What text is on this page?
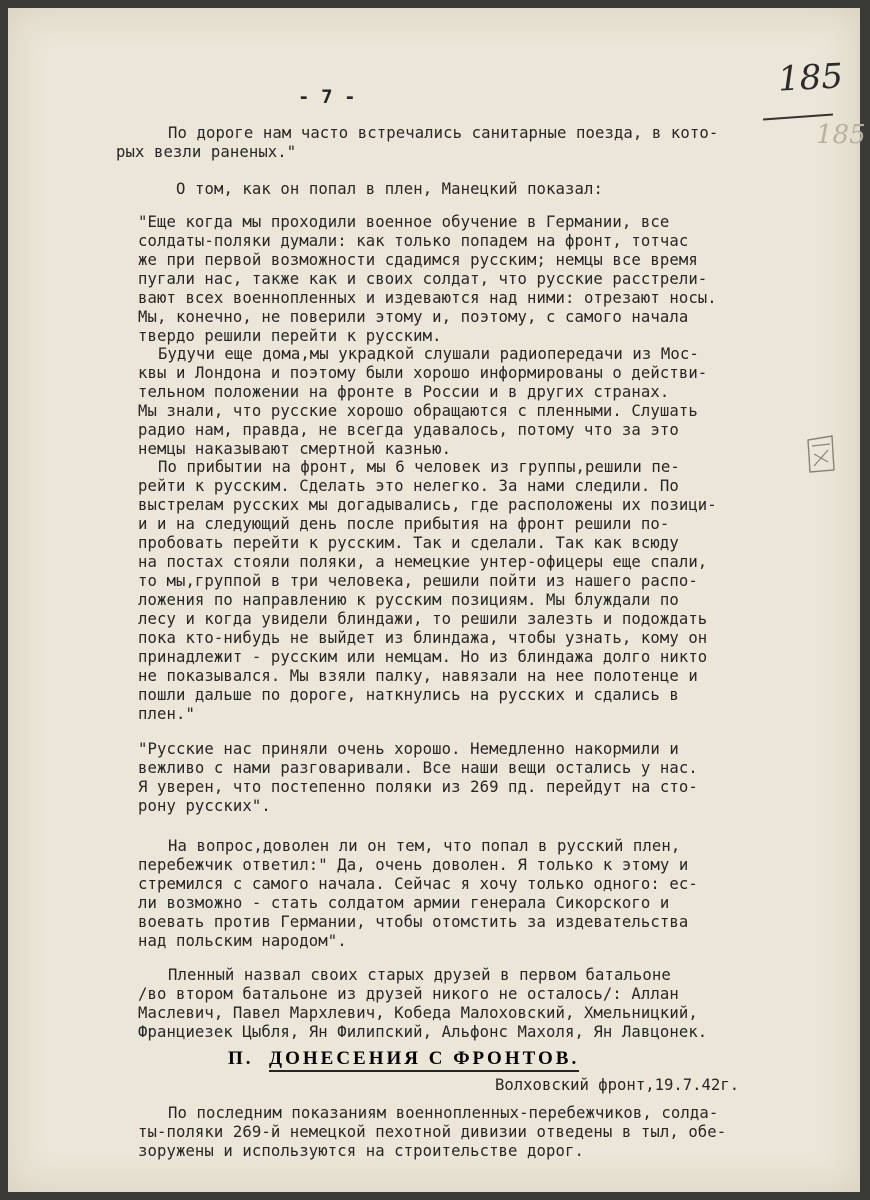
- 7 -
По дороге нам часто встречались санитарные поезда, в кото-
рых везли раненых."
О том, как он попал в плен, Манецкий показал:
"Еще когда мы проходили военное обучение в Германии, все
солдаты-поляки думали: как только попадем на фронт, тотчас
же при первой возможности сдадимся русским; немцы все время
пугали нас, также как и своих солдат, что русские расстрели-
вают всех военнопленных и издеваются над ними: отрезают носы.
Мы, конечно, не поверили этому и, поэтому, с самого начала
твердо решили перейти к русским.
Будучи еще дома,мы украдкой слушали радиопередачи из Мос-
квы и Лондона и поэтому были хорошо информированы о действи-
тельном положении на фронте в России и в других странах.
Мы знали, что русские хорошо обращаются с пленными. Слушать
радио нам, правда, не всегда удавалось, потому что за это
немцы наказывают смертной казнью.
По прибытии на фронт, мы 6 человек из группы,решили пе-
рейти к русским. Сделать это нелегко. За нами следили. По
выстрелам русских мы догадывались, где расположены их позици-
и и на следующий день после прибытия на фронт решили по-
пробовать перейти к русским. Так и сделали. Так как всюду
на постах стояли поляки, а немецкие унтер-офицеры еще спали,
то мы,группой в три человека, решили пойти из нашего распо-
ложения по направлению к русским позициям. Мы блуждали по
лесу и когда увидели блиндажи, то решили залезть и подождать
пока кто-нибудь не выйдет из блиндажа, чтобы узнать, кому он
принадлежит - русским или немцам. Но из блиндажа долго никто
не показывался. Мы взяли палку, навязали на нее полотенце и
пошли дальше по дороге, наткнулись на русских и сдались в
плен."
"Русские нас приняли очень хорошо. Немедленно накормили и
вежливо с нами разговаривали. Все наши вещи остались у нас.
Я уверен, что постепенно поляки из 269 пд. перейдут на сто-
рону русских".
На вопрос,доволен ли он тем, что попал в русский плен,
перебежчик ответил:" Да, очень доволен. Я только к этому и
стремился с самого начала. Сейчас я хочу только одного: ес-
ли возможно - стать солдатом армии генерала Сикорского и
воевать против Германии, чтобы отомстить за издевательства
над польским народом".
Пленный назвал своих старых друзей в первом батальоне
/во втором батальоне из друзей никого не осталось/: Аллан
Маслевич, Павел Мархлевич, Кобеда Малоховский, Хмельницкий,
Франциезек Цыбля, Ян Филипский, Альфонс Махоля, Ян Лавцонек.
П. ДОНЕСЕНИЯ С ФРОНТОВ.
Волховский фронт,19.7.42г.
По последним показаниям военнопленных-перебежчиков, солда-
ты-поляки 269-й немецкой пехотной дивизии отведены в тыл, обе-
зоружены и используются на строительстве дорог.
185
185
